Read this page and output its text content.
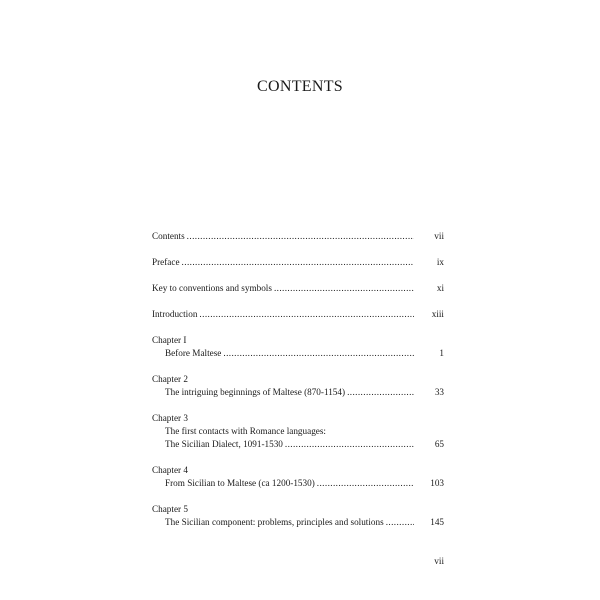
CONTENTS
Contents .....	vii
Preface .....	ix
Key to conventions and symbols .....	xi
Introduction .....	xiii
Chapter I
Before Maltese .....	1
Chapter 2
The intriguing beginnings of Maltese (870-1154) .....	33
Chapter 3
The first contacts with Romance languages:
The Sicilian Dialect, 1091-1530 .....	65
Chapter 4
From Sicilian to Maltese (ca 1200-1530) .....	103
Chapter 5
The Sicilian component: problems, principles and solutions .....	145
vii
